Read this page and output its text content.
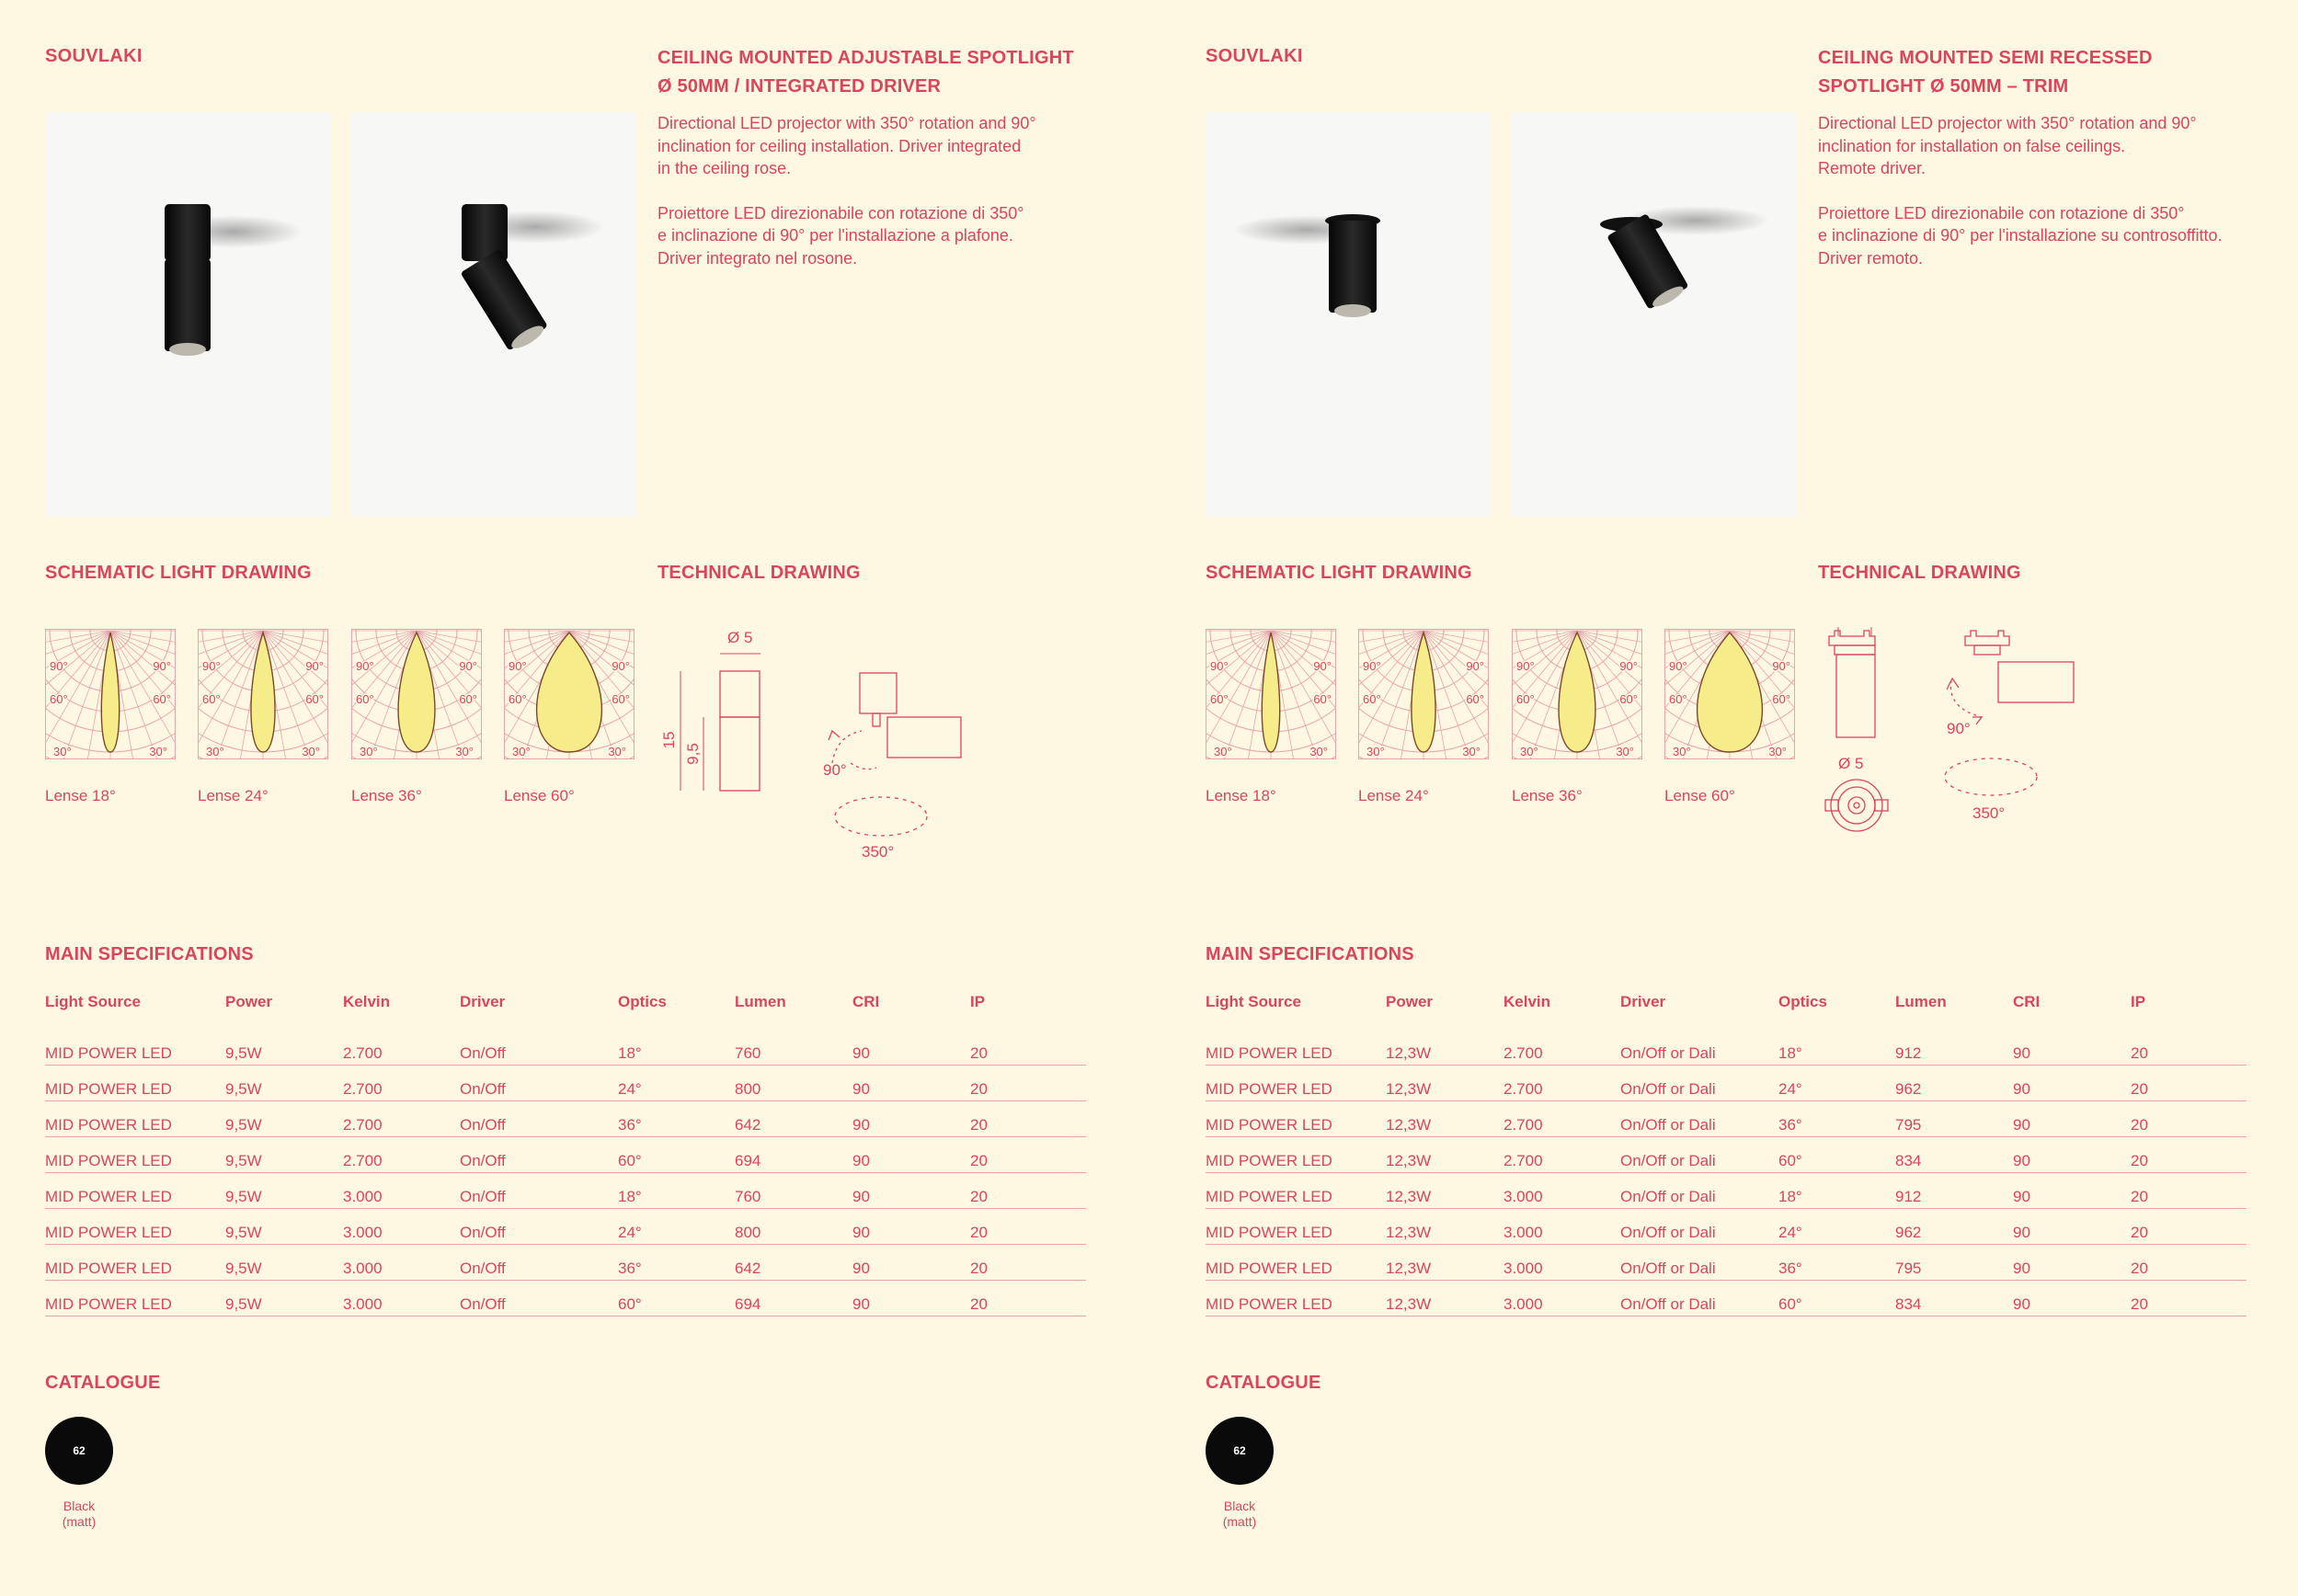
SOUVLAKI	CEILING MOUNTED ADJUSTABLE SPOTLIGHT
Ø 50MM / INTEGRATED DRIVER

Directional LED projector with 350° rotation and 90°
inclination for ceiling installation. Driver integrated
in the ceiling rose.

Proiettore LED direzionabile con rotazione di 350°
e inclinazione di 90° per l'installazione a plafone.
Driver integrato nel rosone.

SCHEMATIC LIGHT DRAWING	TECHNICAL DRAWING
90°	90°
60°	60°
30°	30°
90°	90°
60°	60°
30°	30°
90°	90°
60°	60°
30°	30°
90°	90°
60°	60°
30°	30°
Lense 18°	Lense 24°	Lense 36°	Lense 60°
Ø 5
15
9,5
90°
350°
MAIN SPECIFICATIONS
Light Source	Power	Kelvin	Driver	Optics	Lumen	CRI	IP
MID POWER LED	9,5W	2.700	On/Off	18°	760	90	20
MID POWER LED	9,5W	2.700	On/Off	24°	800	90	20
MID POWER LED	9,5W	2.700	On/Off	36°	642	90	20
MID POWER LED	9,5W	2.700	On/Off	60°	694	90	20
MID POWER LED	9,5W	3.000	On/Off	18°	760	90	20
MID POWER LED	9,5W	3.000	On/Off	24°	800	90	20
MID POWER LED	9,5W	3.000	On/Off	36°	642	90	20
MID POWER LED	9,5W	3.000	On/Off	60°	694	90	20
CATALOGUE
62
Black
(matt)
SOUVLAKI	CEILING MOUNTED SEMI RECESSED
SPOTLIGHT Ø 50MM – TRIM

Directional LED projector with 350° rotation and 90°
inclination for installation on false ceilings.
Remote driver.

Proiettore LED direzionabile con rotazione di 350°
e inclinazione di 90° per l'installazione su controsoffitto.
Driver remoto.

SCHEMATIC LIGHT DRAWING	TECHNICAL DRAWING
90°	90°
60°	60°
30°	30°
90°	90°
60°	60°
30°	30°
90°	90°
60°	60°
30°	30°
90°	90°
60°	60°
30°	30°
Lense 18°	Lense 24°	Lense 36°	Lense 60°
Ø 5
90°
350°
MAIN SPECIFICATIONS
Light Source	Power	Kelvin	Driver	Optics	Lumen	CRI	IP
MID POWER LED	12,3W	2.700	On/Off or Dali	18°	912	90	20
MID POWER LED	12,3W	2.700	On/Off or Dali	24°	962	90	20
MID POWER LED	12,3W	2.700	On/Off or Dali	36°	795	90	20
MID POWER LED	12,3W	2.700	On/Off or Dali	60°	834	90	20
MID POWER LED	12,3W	3.000	On/Off or Dali	18°	912	90	20
MID POWER LED	12,3W	3.000	On/Off or Dali	24°	962	90	20
MID POWER LED	12,3W	3.000	On/Off or Dali	36°	795	90	20
MID POWER LED	12,3W	3.000	On/Off or Dali	60°	834	90	20
CATALOGUE
62
Black
(matt)
